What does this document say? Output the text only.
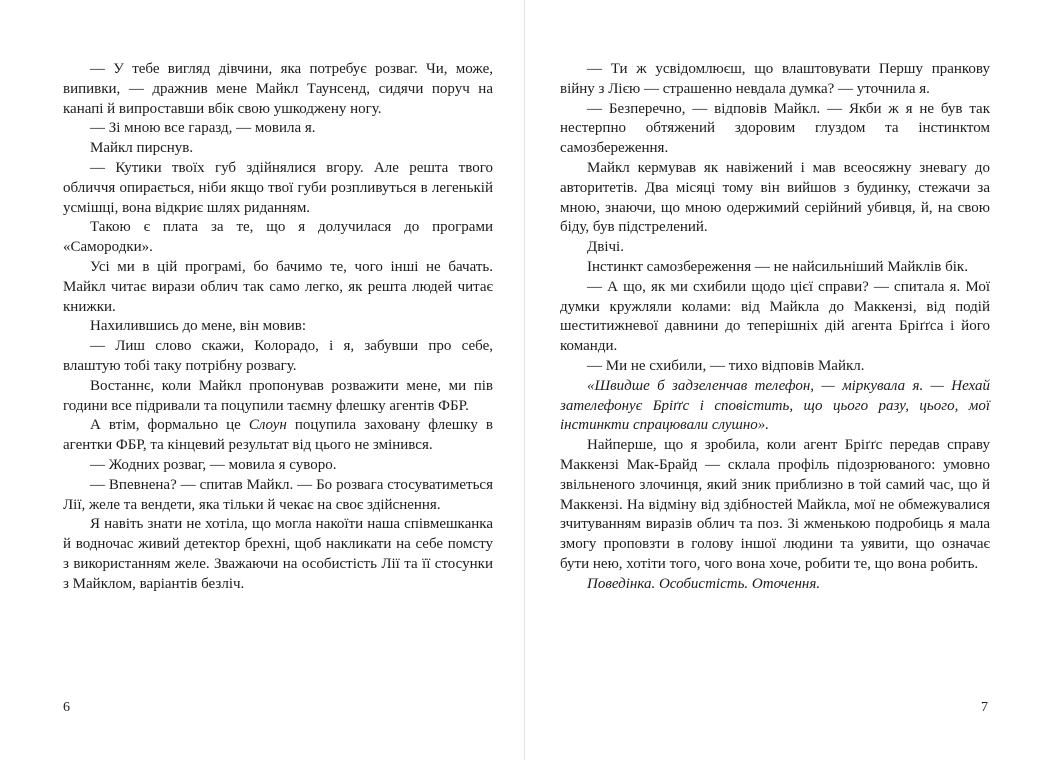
— У тебе вигляд дівчини, яка потребує розваг. Чи, може, випивки, — дражнив мене Майкл Таунсенд, сидячи поруч на канапі й випроставши вбік свою ушкоджену ногу.

— Зі мною все гаразд, — мовила я.

Майкл пирснув.

— Кутики твоїх губ здійнялися вгору. Але решта твого обличчя опирається, ніби якщо твої губи розпливуться в легенькій усмішці, вона відкриє шлях риданням.

Такою є плата за те, що я долучилася до програми «Самородки».

Усі ми в цій програмі, бо бачимо те, чого інші не бачать. Майкл читає вирази облич так само легко, як решта людей читає книжки.

Нахилившись до мене, він мовив:

— Лиш слово скажи, Колорадо, і я, забувши про себе, влаштую тобі таку потрібну розвагу.

Востаннє, коли Майкл пропонував розважити мене, ми пів години все підривали та поцупили таємну флешку агентів ФБР.

А втім, формально це Слоун поцупила заховану флешку в агентки ФБР, та кінцевий результат від цього не змінився.

— Жодних розваг, — мовила я суворо.

— Впевнена? — спитав Майкл. — Бо розвага стосуватиметься Лії, желе та вендети, яка тільки й чекає на своє здійснення.

Я навіть знати не хотіла, що могла накоїти наша співмешканка й водночас живий детектор брехні, щоб накликати на себе помсту з використанням желе. Зважаючи на особистість Лії та її стосунки з Майклом, варіантів безліч.

6

— Ти ж усвідомлюєш, що влаштовувати Першу пранкову війну з Лією — страшенно невдала думка? — уточнила я.

— Безперечно, — відповів Майкл. — Якби ж я не був так нестерпно обтяжений здоровим глуздом та інстинктом самозбереження.

Майкл кермував як навіжений і мав всеосяжну зневагу до авторитетів. Два місяці тому він вийшов з будинку, стежачи за мною, знаючи, що мною одержимий серійний убивця, й, на свою біду, був підстрелений.

Двічі.

Інстинкт самозбереження — не найсильніший Майклів бік.

— А що, як ми схибили щодо цієї справи? — спитала я. Мої думки кружляли колами: від Майкла до Маккензі, від подій шеститижневої давнини до теперішніх дій агента Бріґґса і його команди.

— Ми не схибили, — тихо відповів Майкл.

«Швидше б задзеленчав телефон, — міркувала я. — Нехай зателефонує Бріґґс і сповістить, що цього разу, цього, мої інстинкти спрацювали слушно».

Найперше, що я зробила, коли агент Бріґґс передав справу Маккензі Мак-Брайд — склала профіль підозрюваного: умовно звільненого злочинця, який зник приблизно в той самий час, що й Маккензі. На відміну від здібностей Майкла, мої не обмежувалися зчитуванням виразів облич та поз. Зі жменькою подробиць я мала змогу проповзти в голову іншої людини та уявити, що означає бути нею, хотіти того, чого вона хоче, робити те, що вона робить.

Поведінка. Особистість. Оточення.

7
